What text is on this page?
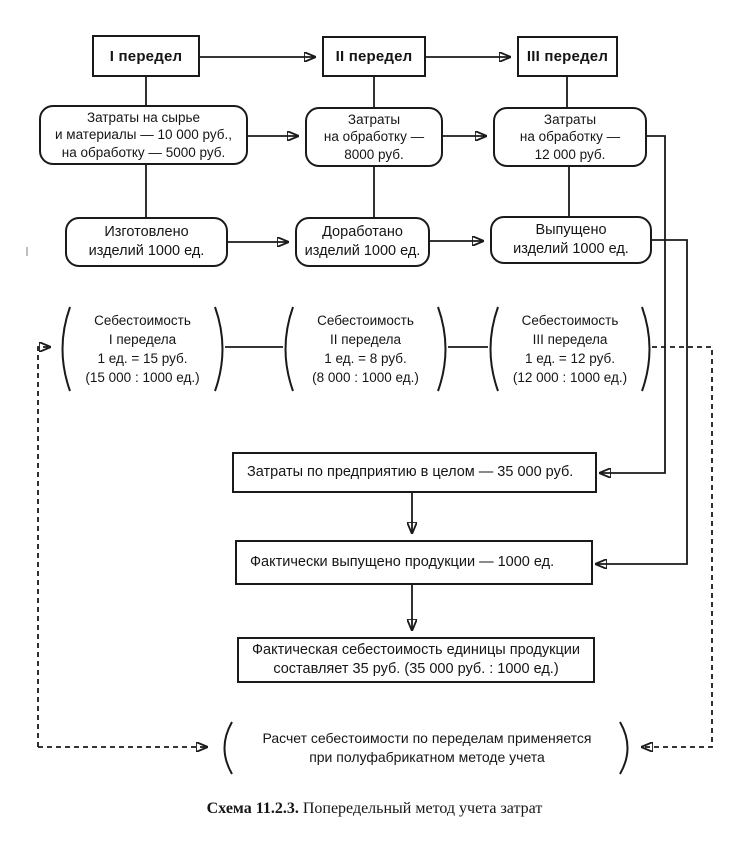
I передел	II передел	III передел
Затраты на сырье
и материалы — 10 000 руб.,
на обработку — 5000 руб.
Затраты
на обработку —
8000 руб.
Затраты
на обработку —
12 000 руб.
Изготовлено
изделий 1000 ед.
Доработано
изделий 1000 ед.
Выпущено
изделий 1000 ед.
Себестоимость
I передела
1 ед. = 15 руб.
(15 000 : 1000 ед.)
Себестоимость
II передела
1 ед. = 8 руб.
(8 000 : 1000 ед.)
Себестоимость
III передела
1 ед. = 12 руб.
(12 000 : 1000 ед.)
Затраты по предприятию в целом — 35 000 руб.
Фактически выпущено продукции — 1000 ед.
Фактическая себестоимость единицы продукции
составляет 35 руб. (35 000 руб. : 1000 ед.)
Расчет себестоимости по переделам применяется
при полуфабрикатном методе учета
Схема 11.2.3. Попередельный метод учета затрат
